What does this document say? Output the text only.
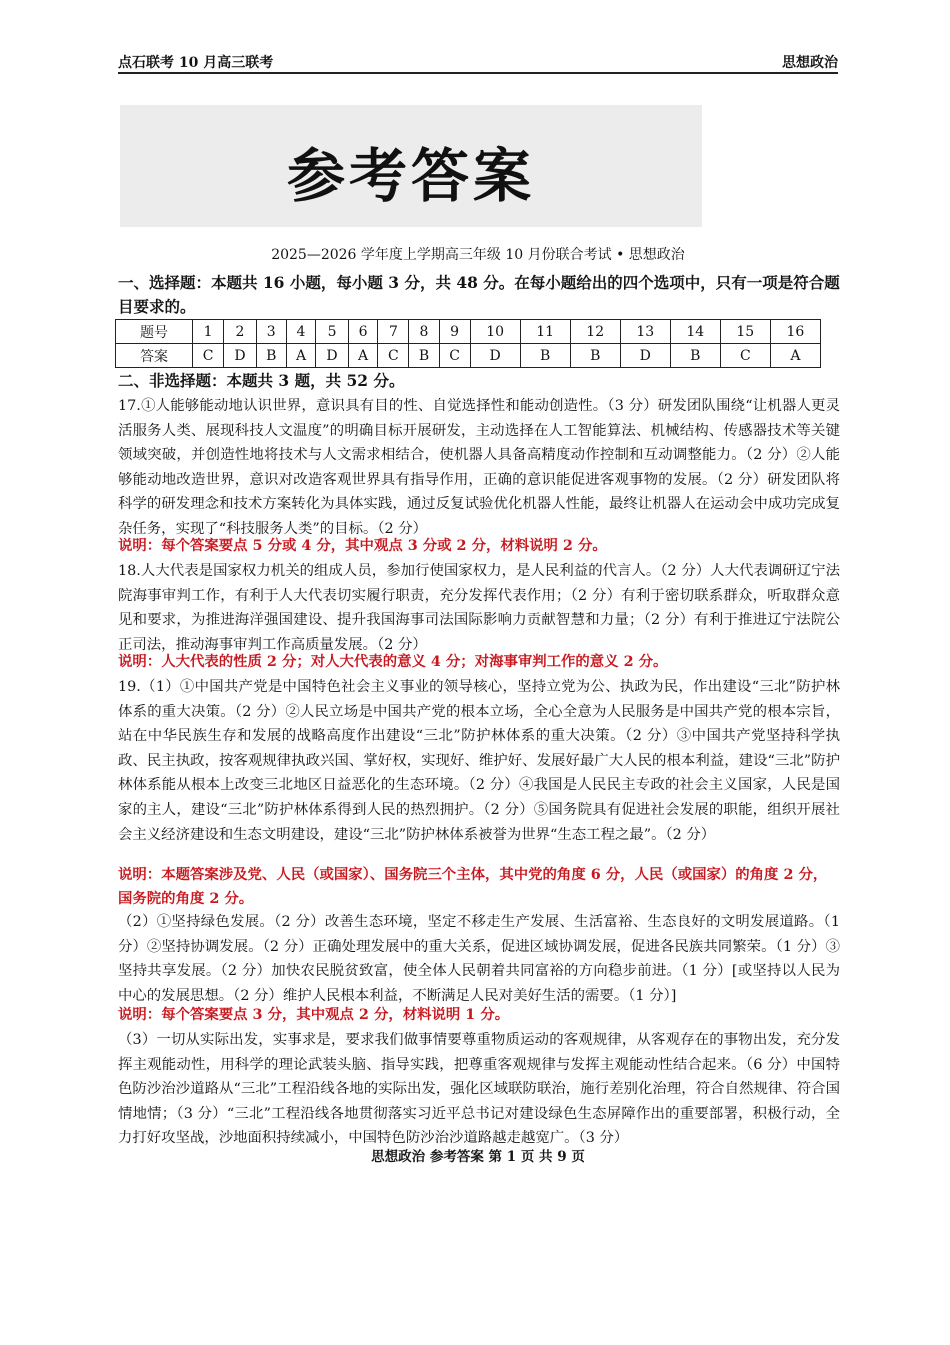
点石联考 10 月高三联考	思想政治
参考答案
2025—2026 学年度上学期高三年级 10 月份联合考试 • 思想政治
一、选择题：本题共 16 小题，每小题 3 分，共 48 分。在每小题给出的四个选项中，只有一项是符合题目要求的。
题号	1	2	3	4	5	6	7	8	9	10	11	12	13	14	15	16
答案	C	D	B	A	D	A	C	B	C	D	B	B	D	B	C	A
二、非选择题：本题共 3 题，共 52 分。
17.①人能够能动地认识世界，意识具有目的性、自觉选择性和能动创造性。（3 分）研发团队围绕“让机器人更灵活服务人类、展现科技人文温度”的明确目标开展研发，主动选择在人工智能算法、机械结构、传感器技术等关键领域突破，并创造性地将技术与人文需求相结合，使机器人具备高精度动作控制和互动调整能力。（2 分）②人能够能动地改造世界，意识对改造客观世界具有指导作用，正确的意识能促进客观事物的发展。（2 分）研发团队将科学的研发理念和技术方案转化为具体实践，通过反复试验优化机器人性能，最终让机器人在运动会中成功完成复杂任务，实现了“科技服务人类”的目标。（2 分）
说明：每个答案要点 5 分或 4 分，其中观点 3 分或 2 分，材料说明 2 分。
18.人大代表是国家权力机关的组成人员，参加行使国家权力，是人民利益的代言人。（2 分）人大代表调研辽宁法院海事审判工作，有利于人大代表切实履行职责，充分发挥代表作用；（2 分）有利于密切联系群众，听取群众意见和要求，为推进海洋强国建设、提升我国海事司法国际影响力贡献智慧和力量；（2 分）有利于推进辽宁法院公正司法，推动海事审判工作高质量发展。（2 分）
说明：人大代表的性质 2 分；对人大代表的意义 4 分；对海事审判工作的意义 2 分。
19.（1）①中国共产党是中国特色社会主义事业的领导核心，坚持立党为公、执政为民，作出建设“三北”防护林体系的重大决策。（2 分）②人民立场是中国共产党的根本立场，全心全意为人民服务是中国共产党的根本宗旨，站在中华民族生存和发展的战略高度作出建设“三北”防护林体系的重大决策。（2 分）③中国共产党坚持科学执政、民主执政，按客观规律执政兴国、掌好权，实现好、维护好、发展好最广大人民的根本利益，建设“三北”防护林体系能从根本上改变三北地区日益恶化的生态环境。（2 分）④我国是人民民主专政的社会主义国家，人民是国家的主人，建设“三北”防护林体系得到人民的热烈拥护。（2 分）⑤国务院具有促进社会发展的职能，组织开展社会主义经济建设和生态文明建设，建设“三北”防护林体系被誉为世界“生态工程之最”。（2 分）
说明：本题答案涉及党、人民（或国家）、国务院三个主体，其中党的角度 6 分，人民（或国家）的角度 2 分，国务院的角度 2 分。
（2）①坚持绿色发展。（2 分）改善生态环境，坚定不移走生产发展、生活富裕、生态良好的文明发展道路。（1 分）②坚持协调发展。（2 分）正确处理发展中的重大关系，促进区域协调发展，促进各民族共同繁荣。（1 分）③坚持共享发展。（2 分）加快农民脱贫致富，使全体人民朝着共同富裕的方向稳步前进。（1 分）[或坚持以人民为中心的发展思想。（2 分）维护人民根本利益，不断满足人民对美好生活的需要。（1 分）]
说明：每个答案要点 3 分，其中观点 2 分，材料说明 1 分。
（3）一切从实际出发，实事求是，要求我们做事情要尊重物质运动的客观规律，从客观存在的事物出发，充分发挥主观能动性，用科学的理论武装头脑、指导实践，把尊重客观规律与发挥主观能动性结合起来。（6 分）中国特色防沙治沙道路从“三北”工程沿线各地的实际出发，强化区域联防联治，施行差别化治理，符合自然规律、符合国情地情；（3 分）“三北”工程沿线各地贯彻落实习近平总书记对建设绿色生态屏障作出的重要部署，积极行动，全力打好攻坚战，沙地面积持续减小，中国特色防沙治沙道路越走越宽广。（3 分）
思想政治 参考答案 第 1 页 共 9 页
